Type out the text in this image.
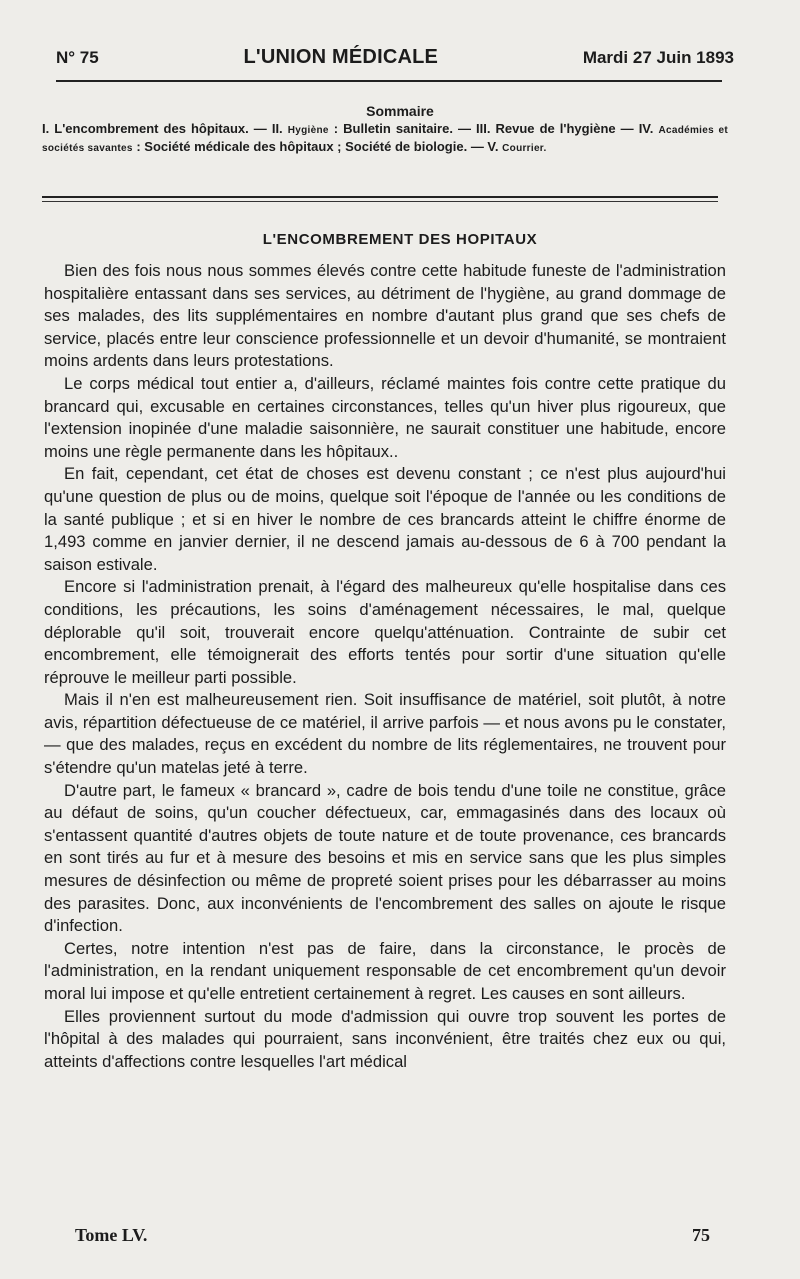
N° 75	L'UNION MÉDICALE	Mardi 27 Juin 1893
Sommaire
I. L'encombrement des hôpitaux. — II. Hygiène : Bulletin sanitaire. — III. Revue de l'hygiène — IV. Académies et sociétés savantes : Société médicale des hôpitaux ; Société de biologie. — V. Courrier.
L'ENCOMBREMENT DES HOPITAUX

Bien des fois nous nous sommes élevés contre cette habitude funeste de l'administration hospitalière entassant dans ses services, au détriment de l'hygiène, au grand dommage de ses malades, des lits supplémentaires en nombre d'autant plus grand que ses chefs de service, placés entre leur conscience professionnelle et un devoir d'humanité, se montraient moins ardents dans leurs protestations.

Le corps médical tout entier a, d'ailleurs, réclamé maintes fois contre cette pratique du brancard qui, excusable en certaines circonstances, telles qu'un hiver plus rigoureux, que l'extension inopinée d'une maladie saisonnière, ne saurait constituer une habitude, encore moins une règle permanente dans les hôpitaux..

En fait, cependant, cet état de choses est devenu constant ; ce n'est plus aujourd'hui qu'une question de plus ou de moins, quelque soit l'époque de l'année ou les conditions de la santé publique ; et si en hiver le nombre de ces brancards atteint le chiffre énorme de 1,493 comme en janvier dernier, il ne descend jamais au-dessous de 6 à 700 pendant la saison estivale.

Encore si l'administration prenait, à l'égard des malheureux qu'elle hospitalise dans ces conditions, les précautions, les soins d'aménagement nécessaires, le mal, quelque déplorable qu'il soit, trouverait encore quelqu'atténuation. Contrainte de subir cet encombrement, elle témoignerait des efforts tentés pour sortir d'une situation qu'elle réprouve le meilleur parti possible.

Mais il n'en est malheureusement rien. Soit insuffisance de matériel, soit plutôt, à notre avis, répartition défectueuse de ce matériel, il arrive parfois — et nous avons pu le constater, — que des malades, reçus en excédent du nombre de lits réglementaires, ne trouvent pour s'étendre qu'un matelas jeté à terre.

D'autre part, le fameux « brancard », cadre de bois tendu d'une toile ne constitue, grâce au défaut de soins, qu'un coucher défectueux, car, emmagasinés dans des locaux où s'entassent quantité d'autres objets de toute nature et de toute provenance, ces brancards en sont tirés au fur et à mesure des besoins et mis en service sans que les plus simples mesures de désinfection ou même de propreté soient prises pour les débarrasser au moins des parasites. Donc, aux inconvénients de l'encombrement des salles on ajoute le risque d'infection.

Certes, notre intention n'est pas de faire, dans la circonstance, le procès de l'administration, en la rendant uniquement responsable de cet encombrement qu'un devoir moral lui impose et qu'elle entretient certainement à regret. Les causes en sont ailleurs.

Elles proviennent surtout du mode d'admission qui ouvre trop souvent les portes de l'hôpital à des malades qui pourraient, sans inconvénient, être traités chez eux ou qui, atteints d'affections contre lesquelles l'art médical

Tome LV.	75
